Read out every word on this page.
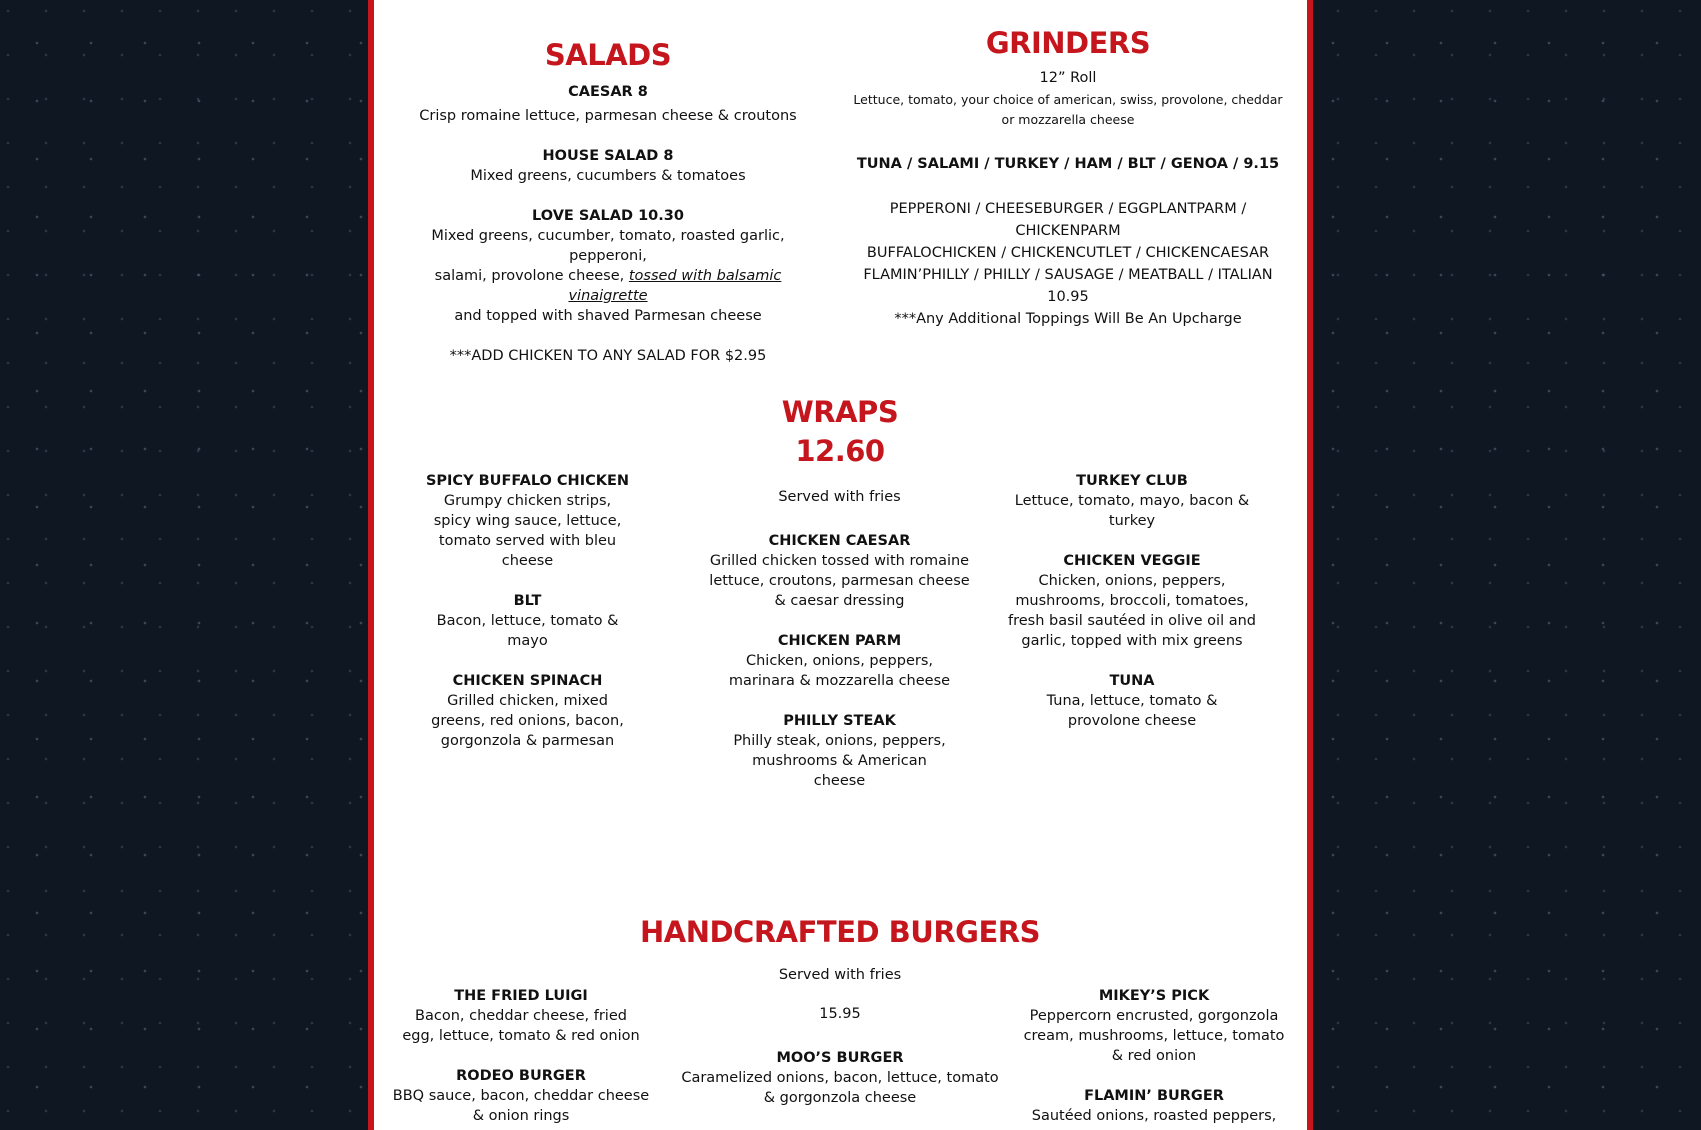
SALADS
CAESAR 8
Crisp romaine lettuce, parmesan cheese & croutons
HOUSE SALAD 8
Mixed greens, cucumbers & tomatoes
LOVE SALAD 10.30
Mixed greens, cucumber, tomato, roasted garlic, pepperoni,
salami, provolone cheese, tossed with balsamic vinaigrette
and topped with shaved Parmesan cheese
***ADD CHICKEN TO ANY SALAD FOR $2.95
GRINDERS
12” Roll
Lettuce, tomato, your choice of american, swiss, provolone, cheddar or mozzarella cheese
TUNA / SALAMI / TURKEY / HAM / BLT / GENOA / 9.15
PEPPERONI / CHEESEBURGER / EGGPLANTPARM / CHICKENPARM
BUFFALOCHICKEN / CHICKENCUTLET / CHICKENCAESAR
FLAMIN’PHILLY / PHILLY / SAUSAGE / MEATBALL / ITALIAN
10.95
***Any Additional Toppings Will Be An Upcharge
WRAPS
12.60
SPICY BUFFALO CHICKEN
Grumpy chicken strips, spicy wing sauce, lettuce, tomato served with bleu cheese
BLT
Bacon, lettuce, tomato & mayo
CHICKEN SPINACH
Grilled chicken, mixed greens, red onions, bacon, gorgonzola & parmesan
Served with fries
CHICKEN CAESAR
Grilled chicken tossed with romaine lettuce, croutons, parmesan cheese & caesar dressing
CHICKEN PARM
Chicken, onions, peppers, marinara & mozzarella cheese
PHILLY STEAK
Philly steak, onions, peppers, mushrooms & American cheese
TURKEY CLUB
Lettuce, tomato, mayo, bacon & turkey
CHICKEN VEGGIE
Chicken, onions, peppers, mushrooms, broccoli, tomatoes, fresh basil sautéed in olive oil and garlic, topped with mix greens
TUNA
Tuna, lettuce, tomato & provolone cheese
HANDCRAFTED BURGERS
THE FRIED LUIGI
Bacon, cheddar cheese, fried egg, lettuce, tomato & red onion
RODEO BURGER
BBQ sauce, bacon, cheddar cheese & onion rings
Served with fries
15.95
MOO’S BURGER
Caramelized onions, bacon, lettuce, tomato & gorgonzola cheese
MIKEY’S PICK
Peppercorn encrusted, gorgonzola cream, mushrooms, lettuce, tomato & red onion
FLAMIN’ BURGER
Sautéed onions, roasted peppers,
